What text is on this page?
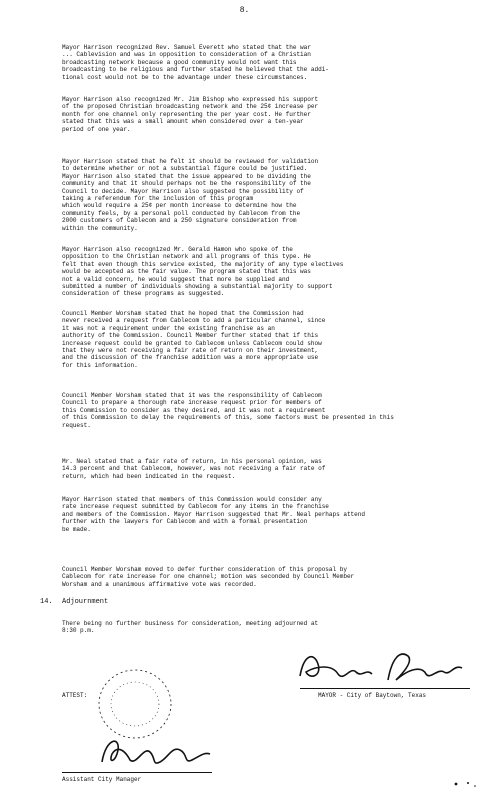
8.

Mayor Harrison recognized Rev. Samuel Everett who stated that the war
... Cablevision and was in opposition to consideration of a Christian
broadcasting network because a good community would not want this
broadcasting to be religious and further stated he believed that the addi-
tional cost would not be to the advantage under these circumstances.

Mayor Harrison also recognized Mr. Jim Bishop who expressed his support
of the proposed Christian broadcasting network and the 25¢ increase per
month for one channel only representing the per year cost. He further
stated that this was a small amount when considered over a ten-year
period of one year.

Mayor Harrison stated that he felt it should be reviewed for validation
to determine whether or not a substantial figure could be justified.
Mayor Harrison also stated that the issue appeared to be dividing the
community and that it should perhaps not be the responsibility of the
Council to decide. Mayor Harrison also suggested the possibility of
taking a referendum for the inclusion of this program
which would require a 25¢ per month increase to determine how the
community feels, by a personal poll conducted by Cablecom from the
2000 customers of Cablecom and a 250 signature consideration from
within the community.

Mayor Harrison also recognized Mr. Gerald Hamon who spoke of the
opposition to the Christian network and all programs of this type. He
felt that even though this service existed, the majority of any type electives
would be accepted as the fair value. The program stated that this was
not a valid concern, he would suggest that more be supplied and
submitted a number of individuals showing a substantial majority to support
consideration of these programs as suggested.

Council Member Worsham stated that he hoped that the Commission had
never received a request from Cablecom to add a particular channel, since
it was not a requirement under the existing franchise as an
authority of the Commission. Council Member further stated that if this
increase request could be granted to Cablecom unless Cablecom could show
that they were not receiving a fair rate of return on their investment,
and the discussion of the franchise addition was a more appropriate use
for this information.

Council Member Worsham stated that it was the responsibility of Cablecom
Council to prepare a thorough rate increase request prior for members of
this Commission to consider as they desired, and it was not a requirement
of this Commission to delay the requirements of this, some factors must be presented in this
request.

Mr. Neal stated that a fair rate of return, in his personal opinion, was
14.3 percent and that Cablecom, however, was not receiving a fair rate of
return, which had been indicated in the request.

Mayor Harrison stated that members of this Commission would consider any
rate increase request submitted by Cablecom for any items in the franchise
and members of the Commission. Mayor Harrison suggested that Mr. Neal perhaps attend
further with the lawyers for Cablecom and with a formal presentation
be made.

Council Member Worsham moved to defer further consideration of this proposal by
Cablecom for rate increase for one channel; motion was seconded by Council Member
Worsham and a unanimous affirmative vote was recorded.

14. Adjournment

There being no further business for consideration, meeting adjourned at
8:30 p.m.

MAYOR - City of Baytown, Texas
ATTEST:
Assistant City Manager
